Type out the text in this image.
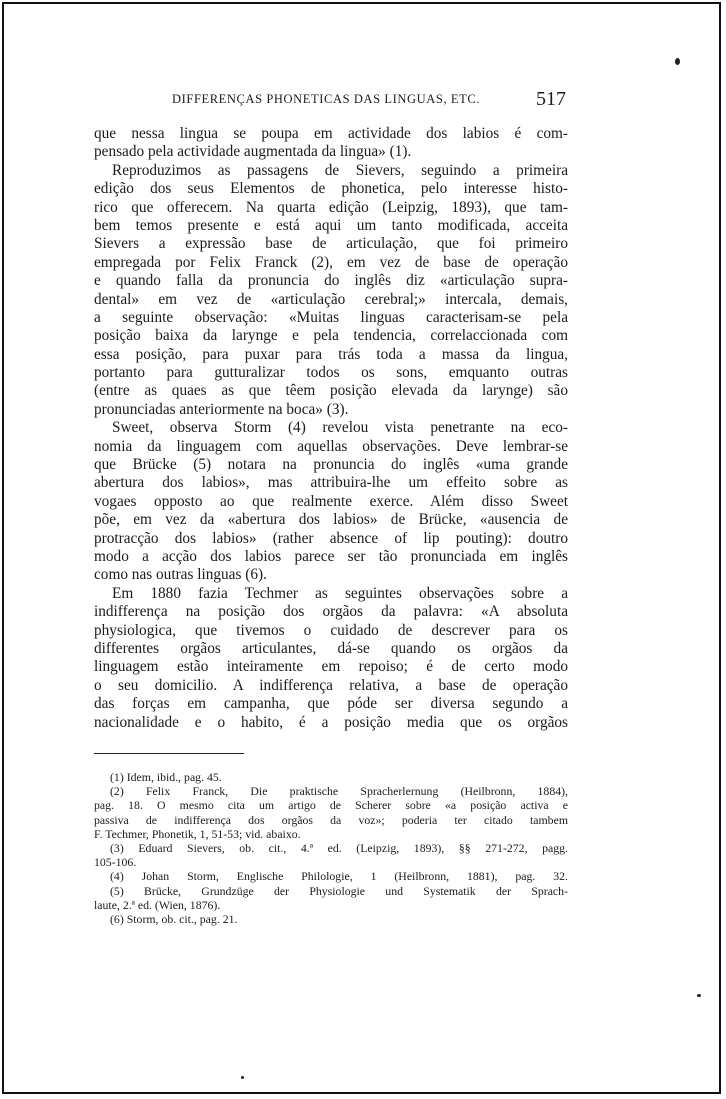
DIFFERENÇAS PHONETICAS DAS LINGUAS, ETC.	517
que nessa lingua se poupa em actividade dos labios é com-
pensado pela actividade augmentada da lingua» (1).
Reproduzimos as passagens de Sievers, seguindo a primeira
edição dos seus Elementos de phonetica, pelo interesse histo-
rico que offerecem. Na quarta edição (Leipzig, 1893), que tam-
bem temos presente e está aqui um tanto modificada, acceita
Sievers a expressão base de articulação, que foi primeiro
empregada por Felix Franck (2), em vez de base de operação
e quando falla da pronuncia do inglês diz «articulação supra-
dental» em vez de «articulação cerebral;» intercala, demais,
a seguinte observação: «Muitas linguas caracterisam-se pela
posição baixa da larynge e pela tendencia, correlaccionada com
essa posição, para puxar para trás toda a massa da lingua,
portanto para gutturalizar todos os sons, emquanto outras
(entre as quaes as que têem posição elevada da larynge) são
pronunciadas anteriormente na boca» (3).
Sweet, observa Storm (4) revelou vista penetrante na eco-
nomia da linguagem com aquellas observações. Deve lembrar-se
que Brücke (5) notara na pronuncia do inglês «uma grande
abertura dos labios», mas attribuira-lhe um effeito sobre as
vogaes opposto ao que realmente exerce. Além disso Sweet
põe, em vez da «abertura dos labios» de Brücke, «ausencia de
protracção dos labios» (rather absence of lip pouting): doutro
modo a acção dos labios parece ser tão pronunciada em inglês
como nas outras linguas (6).
Em 1880 fazia Techmer as seguintes observações sobre a
indifferença na posição dos orgãos da palavra: «A absoluta
physiologica, que tivemos o cuidado de descrever para os
differentes orgãos articulantes, dá-se quando os orgãos da
linguagem estão inteiramente em repoiso; é de certo modo
o seu domicilio. A indifferença relativa, a base de operação
das forças em campanha, que póde ser diversa segundo a
nacionalidade e o habito, é a posição media que os orgãos
(1) Idem, ibid., pag. 45.
(2) Felix Franck, Die praktische Spracherlernung (Heilbronn, 1884),
pag. 18. O mesmo cita um artigo de Scherer sobre «a posição activa e
passiva de indifferença dos orgãos da voz»; poderia ter citado tambem
F. Techmer, Phonetik, 1, 51-53; vid. abaixo.
(3) Eduard Sievers, ob. cit., 4.ª ed. (Leipzig, 1893), §§ 271-272, pagg.
105-106.
(4) Johan Storm, Englische Philologie, 1 (Heilbronn, 1881), pag. 32.
(5) Brücke, Grundzüge der Physiologie und Systematik der Sprach-
laute, 2.ª ed. (Wien, 1876).
(6) Storm, ob. cit., pag. 21.
